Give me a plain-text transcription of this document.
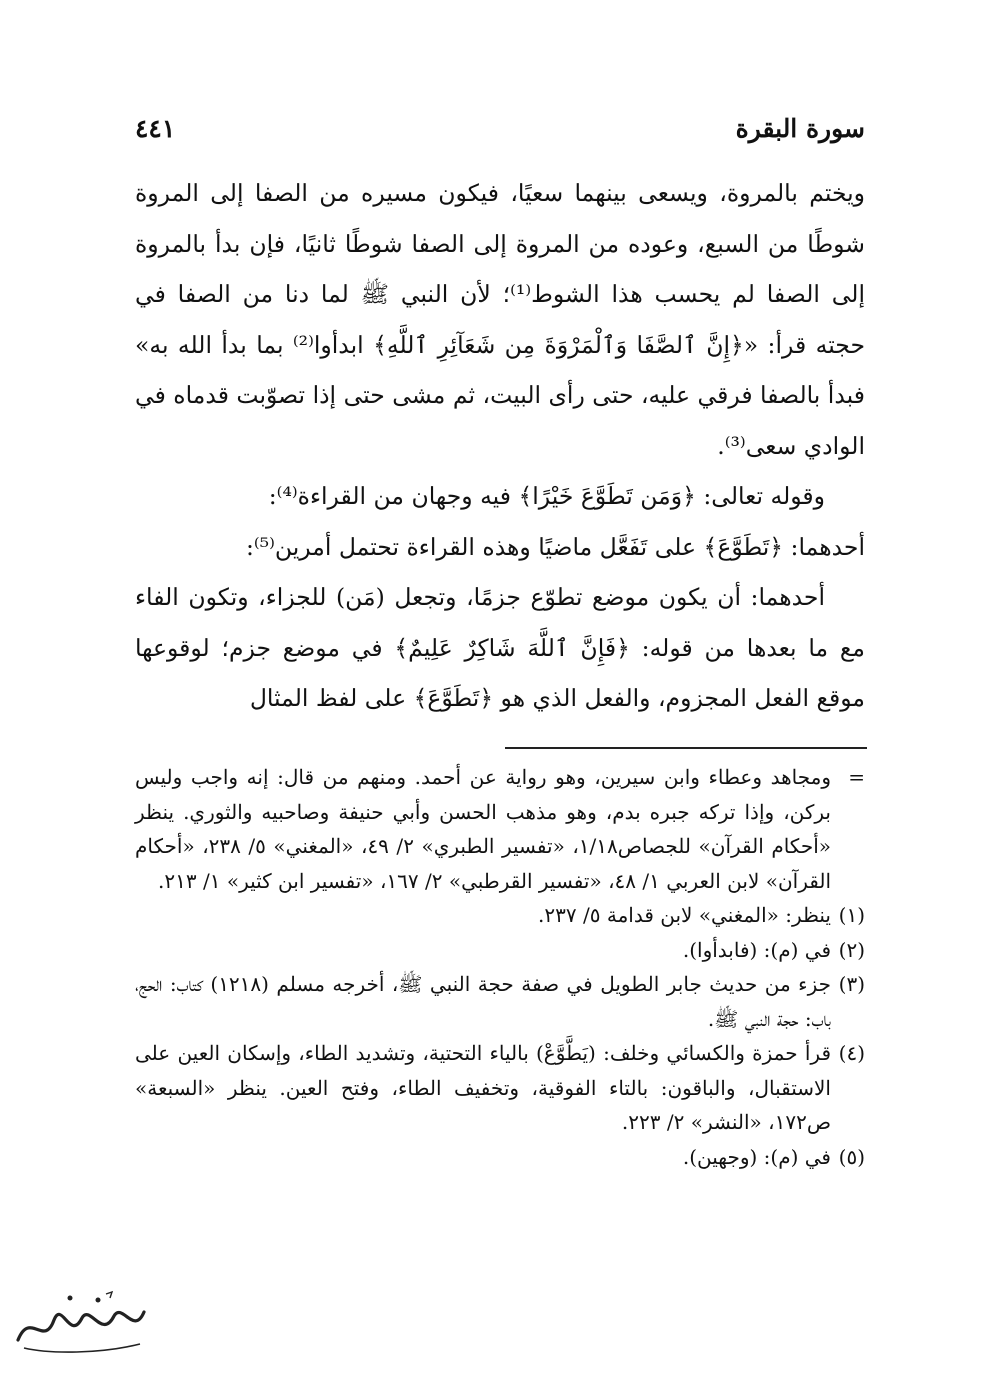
سورة البقرة
٤٤١

ويختم بالمروة، ويسعى بينهما سعيًا، فيكون مسيره من الصفا إلى المروة شوطًا من السبع، وعوده من المروة إلى الصفا شوطًا ثانيًا، فإن بدأ بالمروة إلى الصفا لم يحسب هذا الشوط⁽¹⁾؛ لأن النبي ﷺ لما دنا من الصفا في حجته قرأ: «﴿إِنَّ ٱلصَّفَا وَٱلْمَرْوَةَ مِن شَعَآئِرِ ٱللَّهِ﴾ ابدأوا⁽²⁾ بما بدأ الله به» فبدأ بالصفا فرقي عليه، حتى رأى البيت، ثم مشى حتى إذا تصوّبت قدماه في الوادي سعى⁽³⁾.

وقوله تعالى: ﴿وَمَن تَطَوَّعَ خَيْرًا﴾ فيه وجهان من القراءة⁽⁴⁾:

أحدهما: ﴿تَطَوَّعَ﴾ على تَفَعَّل ماضيًا وهذه القراءة تحتمل أمرين⁽⁵⁾:

أحدهما: أن يكون موضع تطوّع جزمًا، وتجعل (مَن) للجزاء، وتكون الفاء مع ما بعدها من قوله: ﴿فَإِنَّ ٱللَّهَ شَاكِرٌ عَلِيمٌ﴾ في موضع جزم؛ لوقوعها موقع الفعل المجزوم، والفعل الذي هو ﴿تَطَوَّعَ﴾ على لفظ المثال

=
ومجاهد وعطاء وابن سيرين، وهو رواية عن أحمد. ومنهم من قال: إنه واجب وليس بركن، وإذا تركه جبره بدم، وهو مذهب الحسن وأبي حنيفة وصاحبيه والثوري. ينظر «أحكام القرآن» للجصاص١/١٨، «تفسير الطبري» ٢/ ٤٩، «المغني» ٥/ ٢٣٨، «أحكام القرآن» لابن العربي ١/ ٤٨، «تفسير القرطبي» ٢/ ١٦٧، «تفسير ابن كثير» ١/ ٢١٣.
(١)
ينظر: «المغني» لابن قدامة ٥/ ٢٣٧.
(٢)
في (م): (فابدأوا).
(٣)
جزء من حديث جابر الطويل في صفة حجة النبي ﷺ، أخرجه مسلم (١٢١٨) كتاب: الحج، باب: حجة النبي ﷺ.
(٤)
قرأ حمزة والكسائي وخلف: (يَطَّوَّعْ) بالياء التحتية، وتشديد الطاء، وإسكان العين على الاستقبال، والباقون: بالتاء الفوقية، وتخفيف الطاء، وفتح العين. ينظر «السبعة» ص١٧٢، «النشر» ٢/ ٢٢٣.
(٥)
في (م): (وجهين).
